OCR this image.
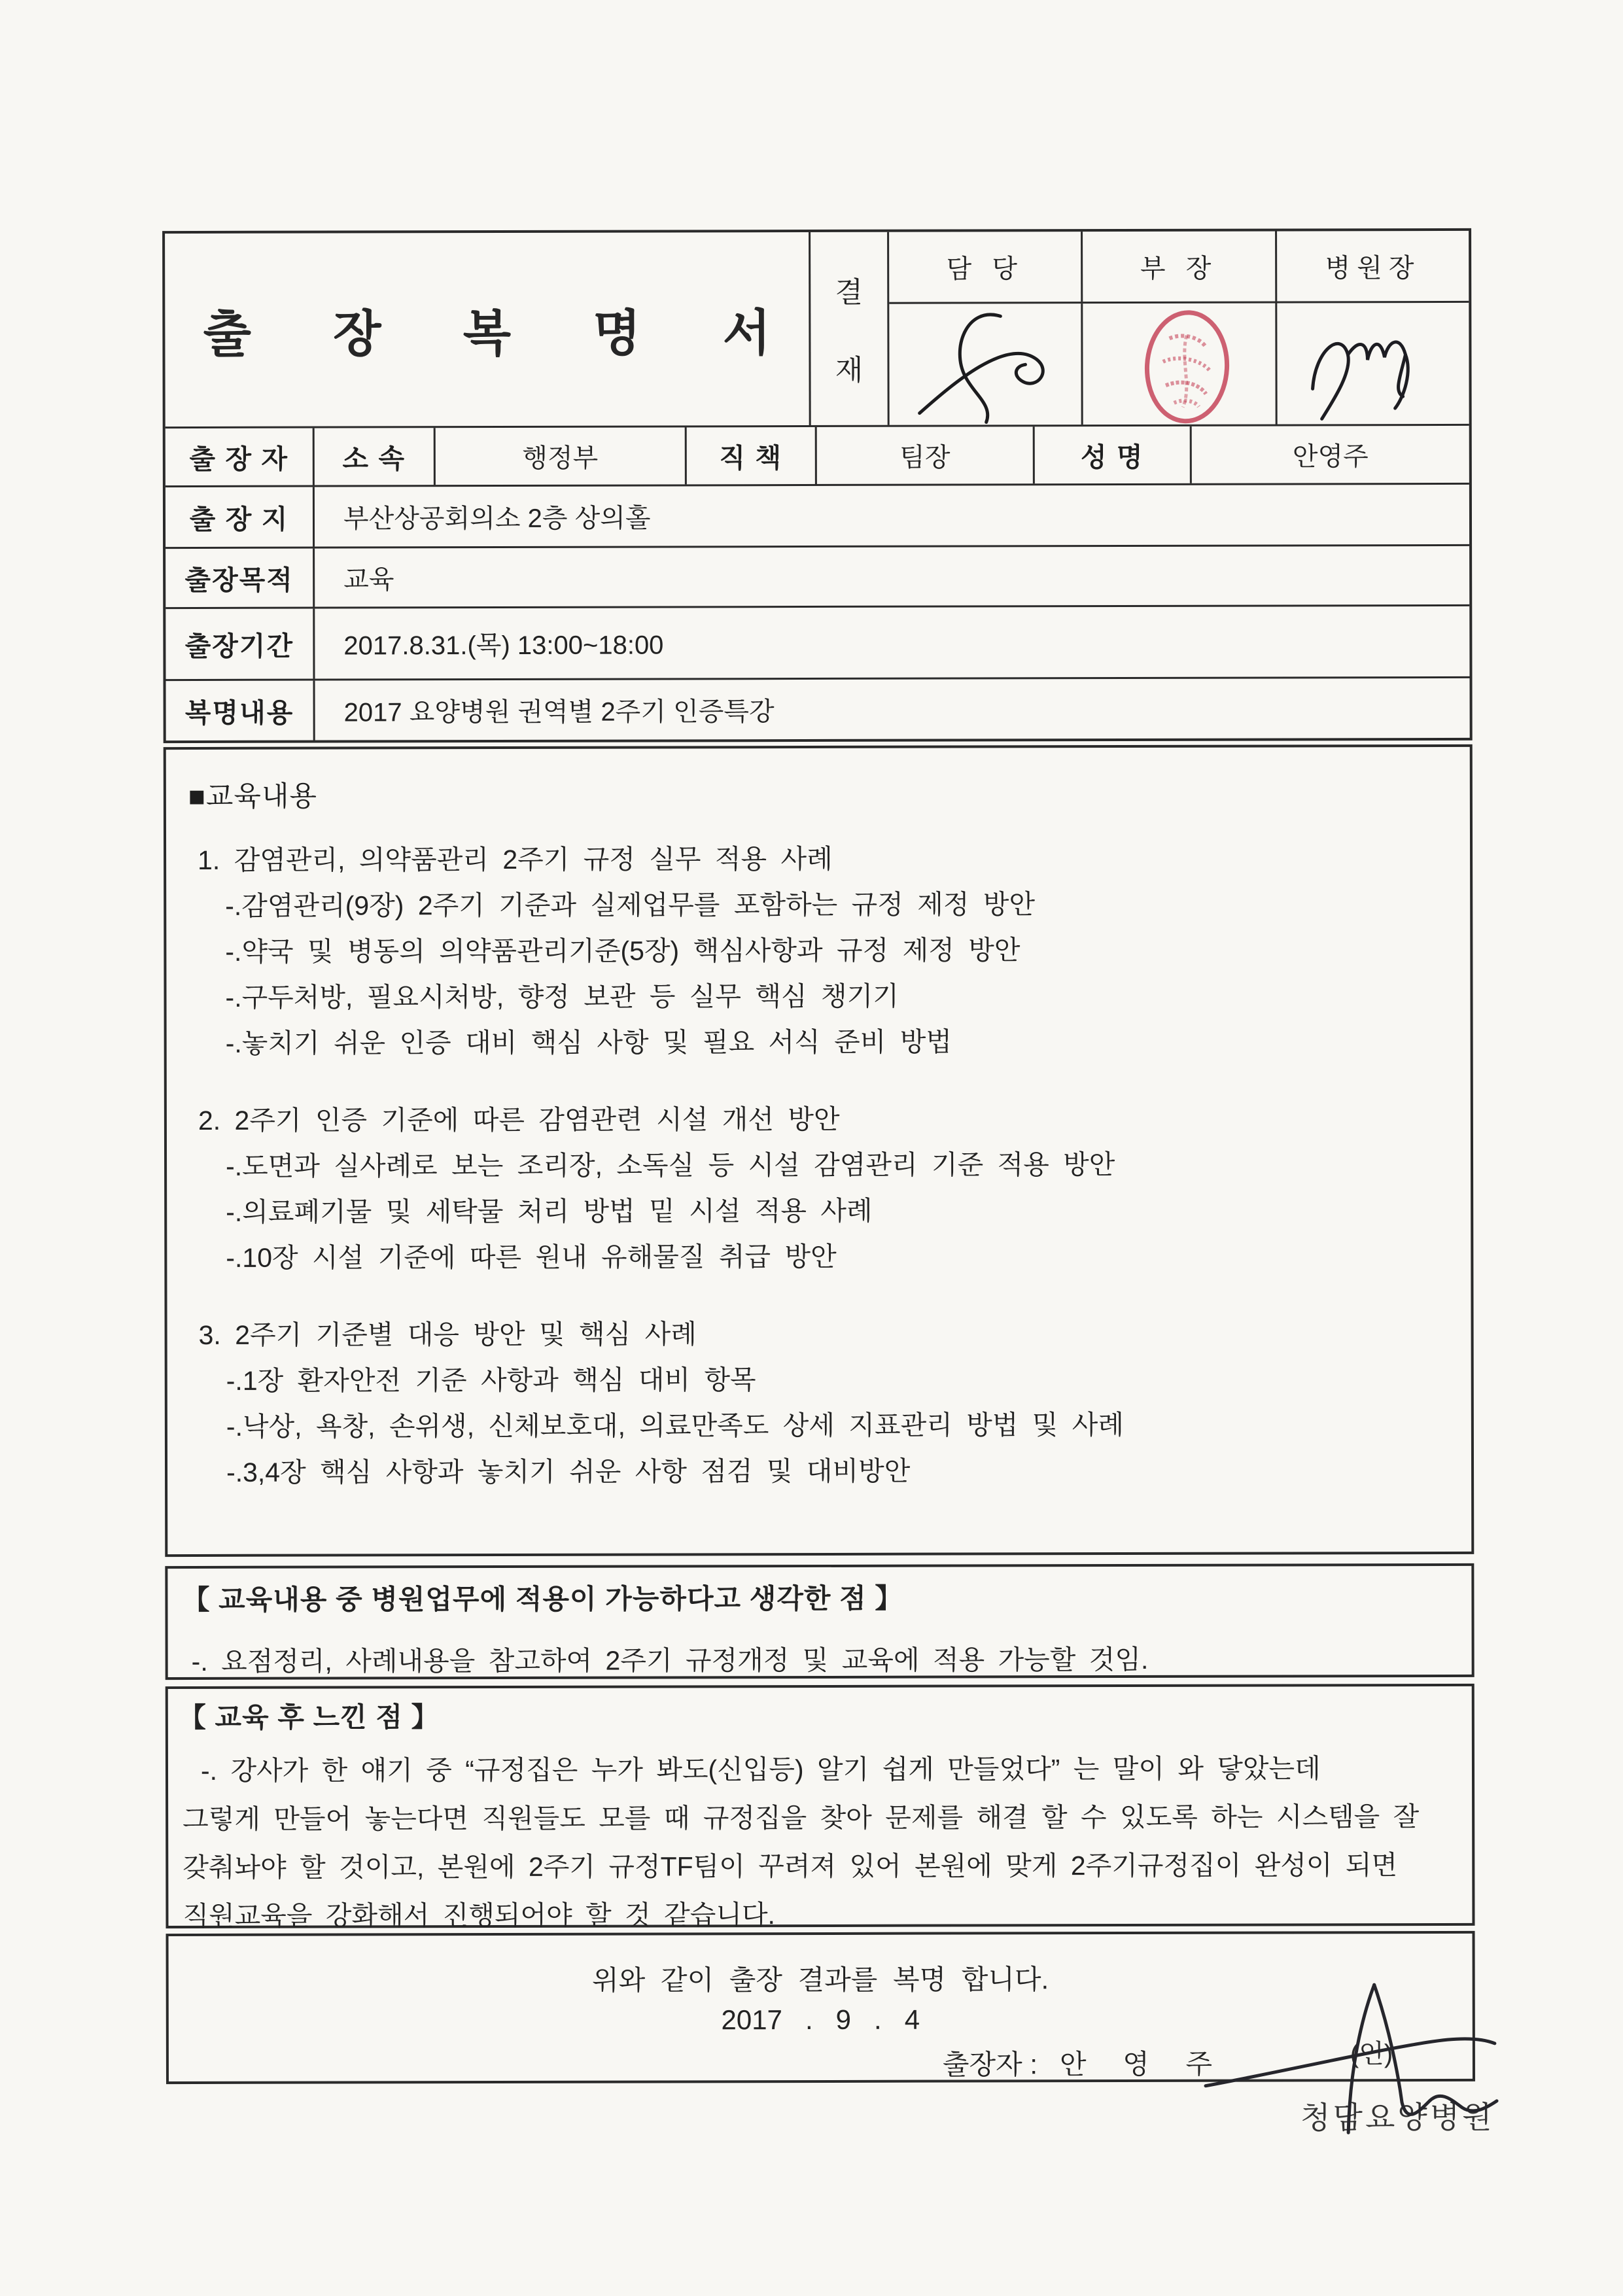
출 장 복 명 서
결
재
담 당	부 장	병원장
출 장 자	소 속	행정부	직 책	팀장	성 명	안영주
출 장 지	부산상공회의소 2층 상의홀
출장목적	교육
출장기간	2017.8.31.(목) 13:00~18:00
복명내용	2017 요양병원 권역별 2주기 인증특강
■교육내용
1. 감염관리, 의약품관리 2주기 규정 실무 적용 사례
-.감염관리(9장) 2주기 기준과 실제업무를 포함하는 규정 제정 방안
-.약국 및 병동의 의약품관리기준(5장) 핵심사항과 규정 제정 방안
-.구두처방, 필요시처방, 향정 보관 등 실무 핵심 챙기기
-.놓치기 쉬운 인증 대비 핵심 사항 및 필요 서식 준비 방법
2. 2주기 인증 기준에 따른 감염관련 시설 개선 방안
-.도면과 실사례로 보는 조리장, 소독실 등 시설 감염관리 기준 적용 방안
-.의료폐기물 및 세탁물 처리 방법 밑 시설 적용 사례
-.10장 시설 기준에 따른 원내 유해물질 취급 방안
3. 2주기 기준별 대응 방안 및 핵심 사례
-.1장 환자안전 기준 사항과 핵심 대비 항목
-.낙상, 욕창, 손위생, 신체보호대, 의료만족도 상세 지표관리 방법 및 사례
-.3,4장 핵심 사항과 놓치기 쉬운 사항 점검 및 대비방안
【 교육내용 중 병원업무에 적용이 가능하다고 생각한 점 】
-. 요점정리, 사례내용을 참고하여 2주기 규정개정 및 교육에 적용 가능할 것임.
【 교육 후 느낀 점 】
-. 강사가 한 얘기 중 “규정집은 누가 봐도(신입등) 알기 쉽게 만들었다” 는 말이 와 닿았는데
그렇게 만들어 놓는다면 직원들도 모를 때 규정집을 찾아 문제를 해결 할 수 있도록 하는 시스템을 잘
갖춰놔야 할 것이고, 본원에 2주기 규정TF팀이 꾸려져 있어 본원에 맞게 2주기규정집이 완성이 되면
직원교육을 강화해서 진행되어야 할 것 같습니다.
위와 같이 출장 결과를 복명 합니다.
2017   .   9   .   4
출장자 : 안 영 주	(인)
청담요양병원
